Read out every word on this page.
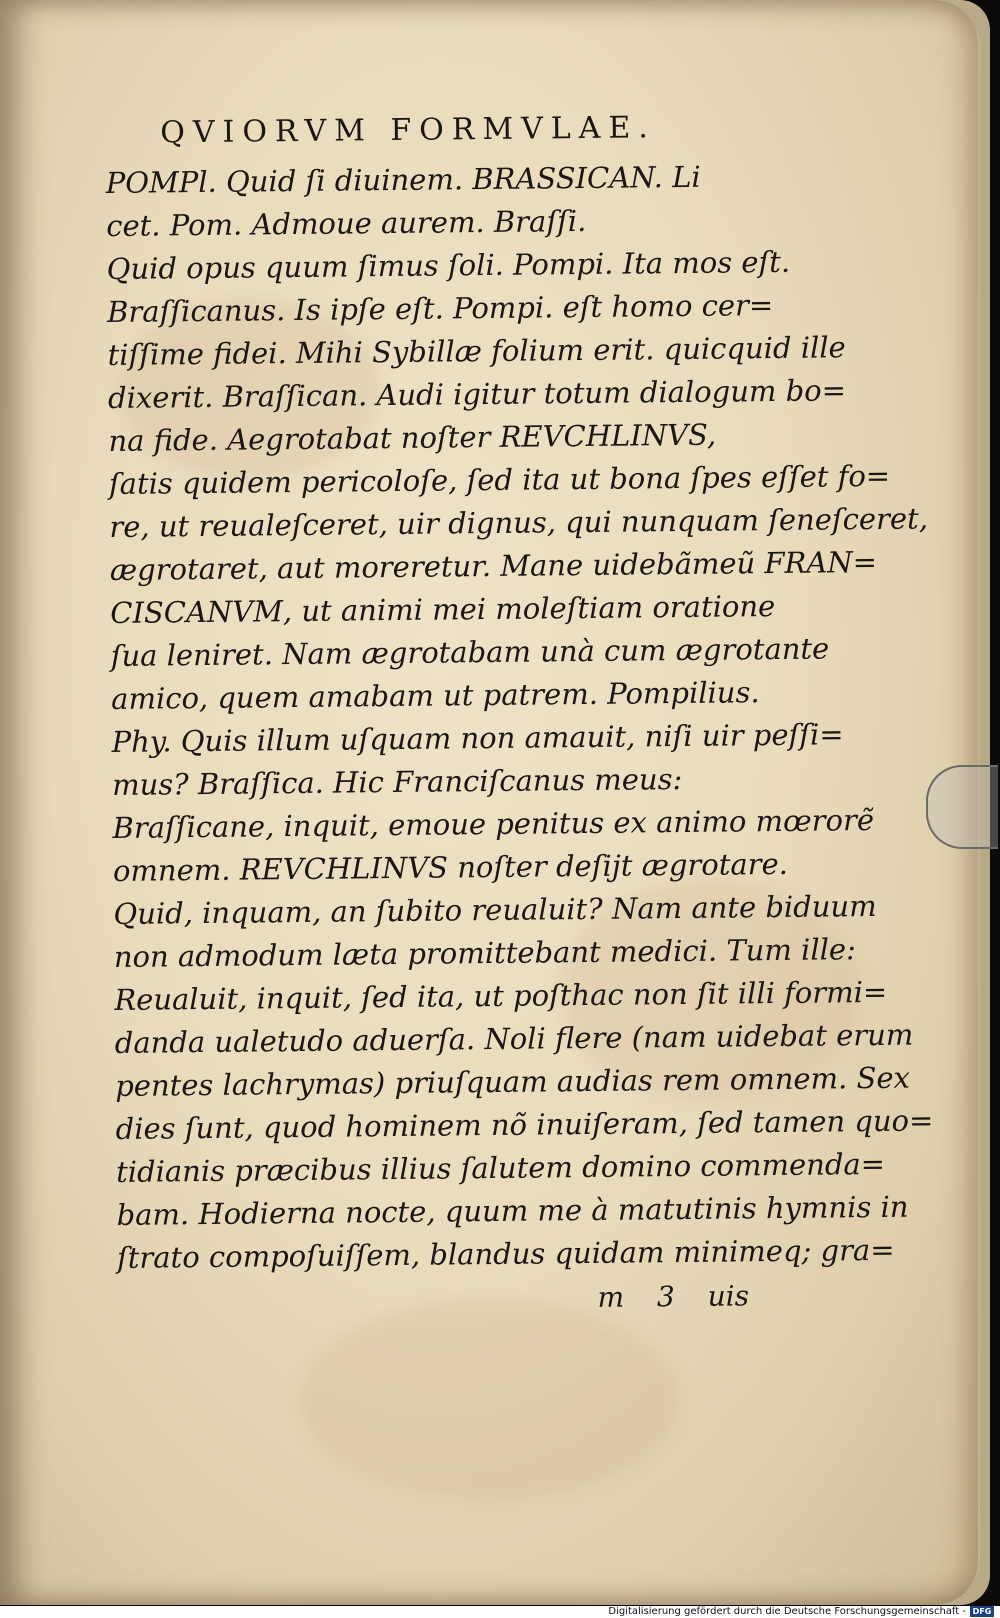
QVIORVM FORMVLAE.
POMPl. Quid ſi diuinem. BRASSICAN. Li
cet. Pom. Admoue aurem. Braſſi.
Quid opus quum ſimus ſoli. Pompi. Ita mos eſt.
Braſſicanus. Is ipſe eſt. Pompi. eſt homo cer=
tiſſime fidei. Mihi Sybillæ folium erit. quicquid ille
dixerit. Braſſican. Audi igitur totum dialogum bo=
na fide. Aegrotabat noſter REVCHLINVS,
ſatis quidem pericoloſe, ſed ita ut bona ſpes eſſet fo=
re, ut reualeſceret, uir dignus, qui nunquam ſeneſceret,
ægrotaret, aut moreretur. Mane uidebãmeũ FRAN=
CISCANVM, ut animi mei moleſtiam oratione
ſua leniret. Nam ægrotabam unà cum ægrotante
amico, quem amabam ut patrem. Pompilius.
Phy. Quis illum uſquam non amauit, niſi uir peſſi=
mus? Braſſica. Hic Franciſcanus meus:
Braſſicane, inquit, emoue penitus ex animo mœrorẽ
omnem. REVCHLINVS noſter deſijt ægrotare.
Quid, inquam, an ſubito reualuit? Nam ante biduum
non admodum læta promittebant medici. Tum ille:
Reualuit, inquit, ſed ita, ut poſthac non ſit illi formi=
danda ualetudo aduerſa. Noli flere (nam uidebat erum
pentes lachrymas) priuſquam audias rem omnem. Sex
dies ſunt, quod hominem nõ inuiſeram, ſed tamen quo=
tidianis præcibus illius ſalutem domino commenda=
bam. Hodierna nocte, quum me à matutinis hymnis in
ſtrato compoſuiſſem, blandus quidam minimeq; gra=
m 3 uis
Digitalisierung gefördert durch die Deutsche Forschungsgemeinschaft - DFG
